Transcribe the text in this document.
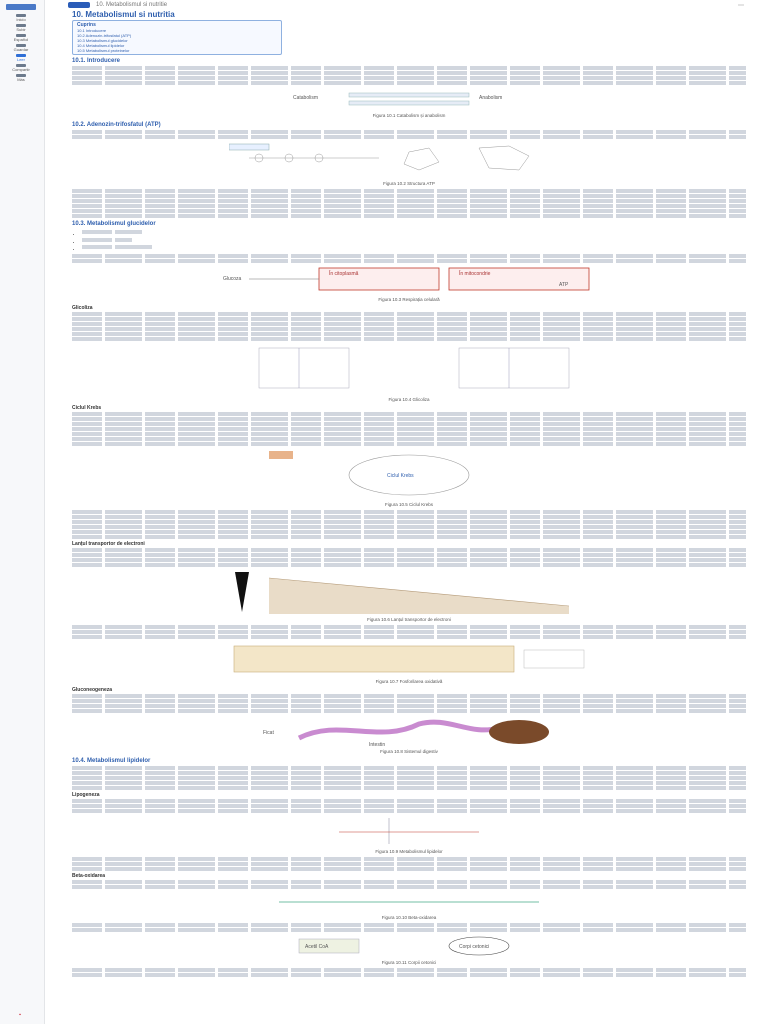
Inicio
Subir
Español
Guardar
Leer
Compartir
Más
▪
10. Metabolismul si nutritie	⋯
10. Metabolismul si nutritia
Cuprins
10.1 Introducere
10.2 Adenozin-trifosfatul (ATP)
10.3 Metabolismul glucidelor
10.4 Metabolismul lipidelor
10.5 Metabolismul proteinelor
10.1. Introducere
Catabolism	Anabolism
Figura 10.1 Catabolism și anabolism
10.2. Adenozin-trifosfatul (ATP)
Figura 10.2 Structura ATP
10.3. Metabolismul glucidelor
•
•
•
Glucoza
În citoplasmă	În mitocondrie
ATP
Figura 10.3 Respirația celulară
Glicoliza
Figura 10.4 Glicoliza
Ciclul Krebs
Ciclul Krebs
Figura 10.5 Ciclul Krebs
Lanțul transportor de electroni
Figura 10.6 Lanțul transportor de electroni
Figura 10.7 Fosforilarea oxidativă
Gluconeogeneza
Ficat
Intestin
Figura 10.8 Sistemul digestiv
10.4. Metabolismul lipidelor
Lipogeneza
Figura 10.9 Metabolismul lipidelor
Beta-oxidarea
Figura 10.10 Beta-oxidarea
Acetil CoA	Corpi cetonici
Figura 10.11 Corpii cetonici
